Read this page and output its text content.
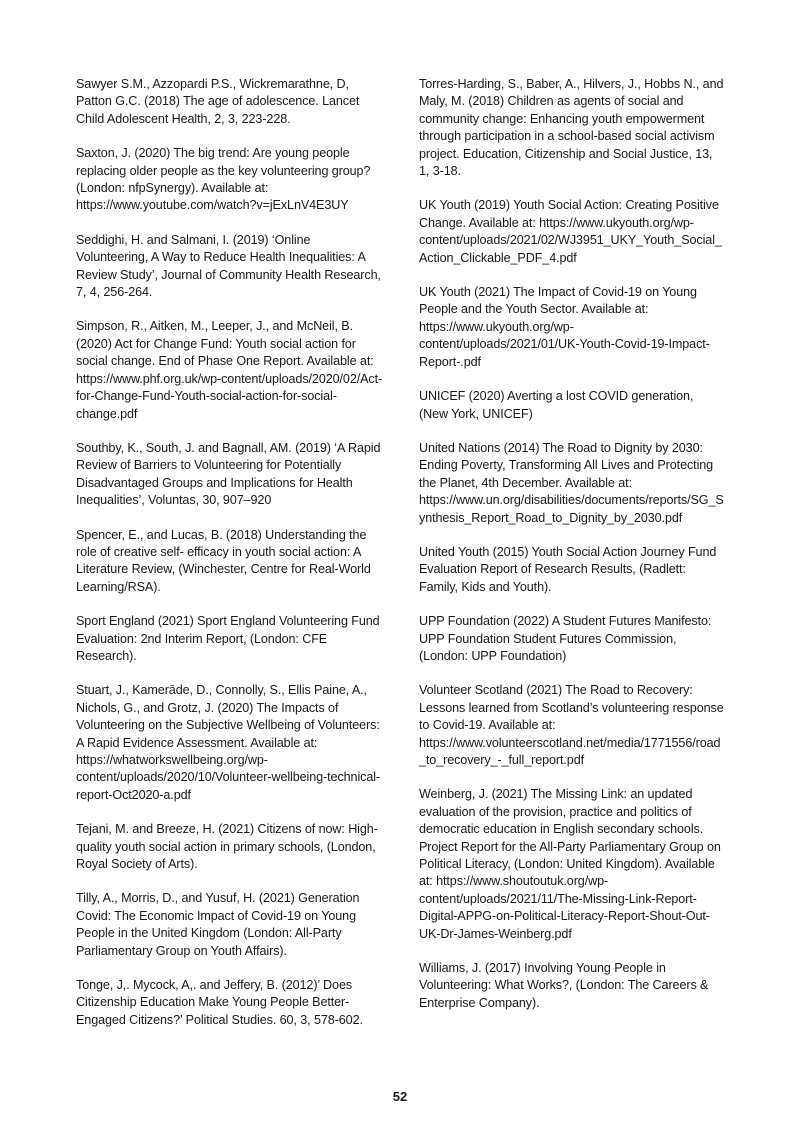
Sawyer S.M., Azzopardi P.S., Wickremarathne, D, Patton G.C. (2018) The age of adolescence. Lancet Child Adolescent Health, 2, 3, 223-228.

Saxton, J. (2020) The big trend: Are young people replacing older people as the key volunteering group? (London: nfpSynergy). Available at: https://www.youtube.com/watch?v=jExLnV4E3UY

Seddighi, H. and Salmani, I. (2019) ‘Online Volunteering, A Way to Reduce Health Inequalities: A Review Study’, Journal of Community Health Research, 7, 4, 256-264.

Simpson, R., Aitken, M., Leeper, J., and McNeil, B. (2020) Act for Change Fund: Youth social action for social change. End of Phase One Report. Available at: https://www.phf.org.uk/wp-content/uploads/2020/02/Act-for-Change-Fund-Youth-social-action-for-social-change.pdf

Southby, K., South, J. and Bagnall, AM. (2019) ‘A Rapid Review of Barriers to Volunteering for Potentially Disadvantaged Groups and Implications for Health Inequalities’, Voluntas, 30, 907–920

Spencer, E., and Lucas, B. (2018) Understanding the role of creative self- efficacy in youth social action: A Literature Review, (Winchester, Centre for Real-World Learning/RSA).

Sport England (2021) Sport England Volunteering Fund Evaluation: 2nd Interim Report, (London: CFE Research).

Stuart, J., Kamerāde, D., Connolly, S., Ellis Paine, A., Nichols, G., and Grotz, J. (2020) The Impacts of Volunteering on the Subjective Wellbeing of Volunteers: A Rapid Evidence Assessment. Available at: https://whatworkswellbeing.org/wp-content/uploads/2020/10/Volunteer-wellbeing-technical-report-Oct2020-a.pdf

Tejani, M. and Breeze, H. (2021) Citizens of now: High-quality youth social action in primary schools, (London, Royal Society of Arts).

Tilly, A., Morris, D., and Yusuf, H. (2021) Generation Covid: The Economic Impact of Covid-19 on Young People in the United Kingdom (London: All-Party Parliamentary Group on Youth Affairs).

Tonge, J,. Mycock, A,. and Jeffery, B. (2012)’ Does Citizenship Education Make Young People Better-Engaged Citizens?’ Political Studies. 60, 3, 578-602.

Torres-Harding, S., Baber, A., Hilvers, J., Hobbs N., and Maly, M. (2018) Children as agents of social and community change: Enhancing youth empowerment through participation in a school-based social activism project. Education, Citizenship and Social Justice, 13, 1, 3-18.

UK Youth (2019) Youth Social Action: Creating Positive Change. Available at: https://www.ukyouth.org/wp-content/uploads/2021/02/WJ3951_UKY_Youth_Social_Action_Clickable_PDF_4.pdf

UK Youth (2021) The Impact of Covid-19 on Young People and the Youth Sector. Available at: https://www.ukyouth.org/wp-content/uploads/2021/01/UK-Youth-Covid-19-Impact-Report-.pdf

UNICEF (2020) Averting a lost COVID generation, (New York, UNICEF)

United Nations (2014) The Road to Dignity by 2030: Ending Poverty, Transforming All Lives and Protecting the Planet, 4th December. Available at: https://www.un.org/disabilities/documents/reports/SG_Synthesis_Report_Road_to_Dignity_by_2030.pdf

United Youth (2015) Youth Social Action Journey Fund Evaluation Report of Research Results, (Radlett: Family, Kids and Youth).

UPP Foundation (2022) A Student Futures Manifesto: UPP Foundation Student Futures Commission, (London: UPP Foundation)

Volunteer Scotland (2021) The Road to Recovery: Lessons learned from Scotland’s volunteering response to Covid-19. Available at: https://www.volunteerscotland.net/media/1771556/road_to_recovery_-_full_report.pdf

Weinberg, J. (2021) The Missing Link: an updated evaluation of the provision, practice and politics of democratic education in English secondary schools. Project Report for the All-Party Parliamentary Group on Political Literacy, (London: United Kingdom). Available at: https://www.shoutoutuk.org/wp-content/uploads/2021/11/The-Missing-Link-Report-Digital-APPG-on-Political-Literacy-Report-Shout-Out-UK-Dr-James-Weinberg.pdf

Williams, J. (2017) Involving Young People in Volunteering: What Works?, (London: The Careers & Enterprise Company).

52
